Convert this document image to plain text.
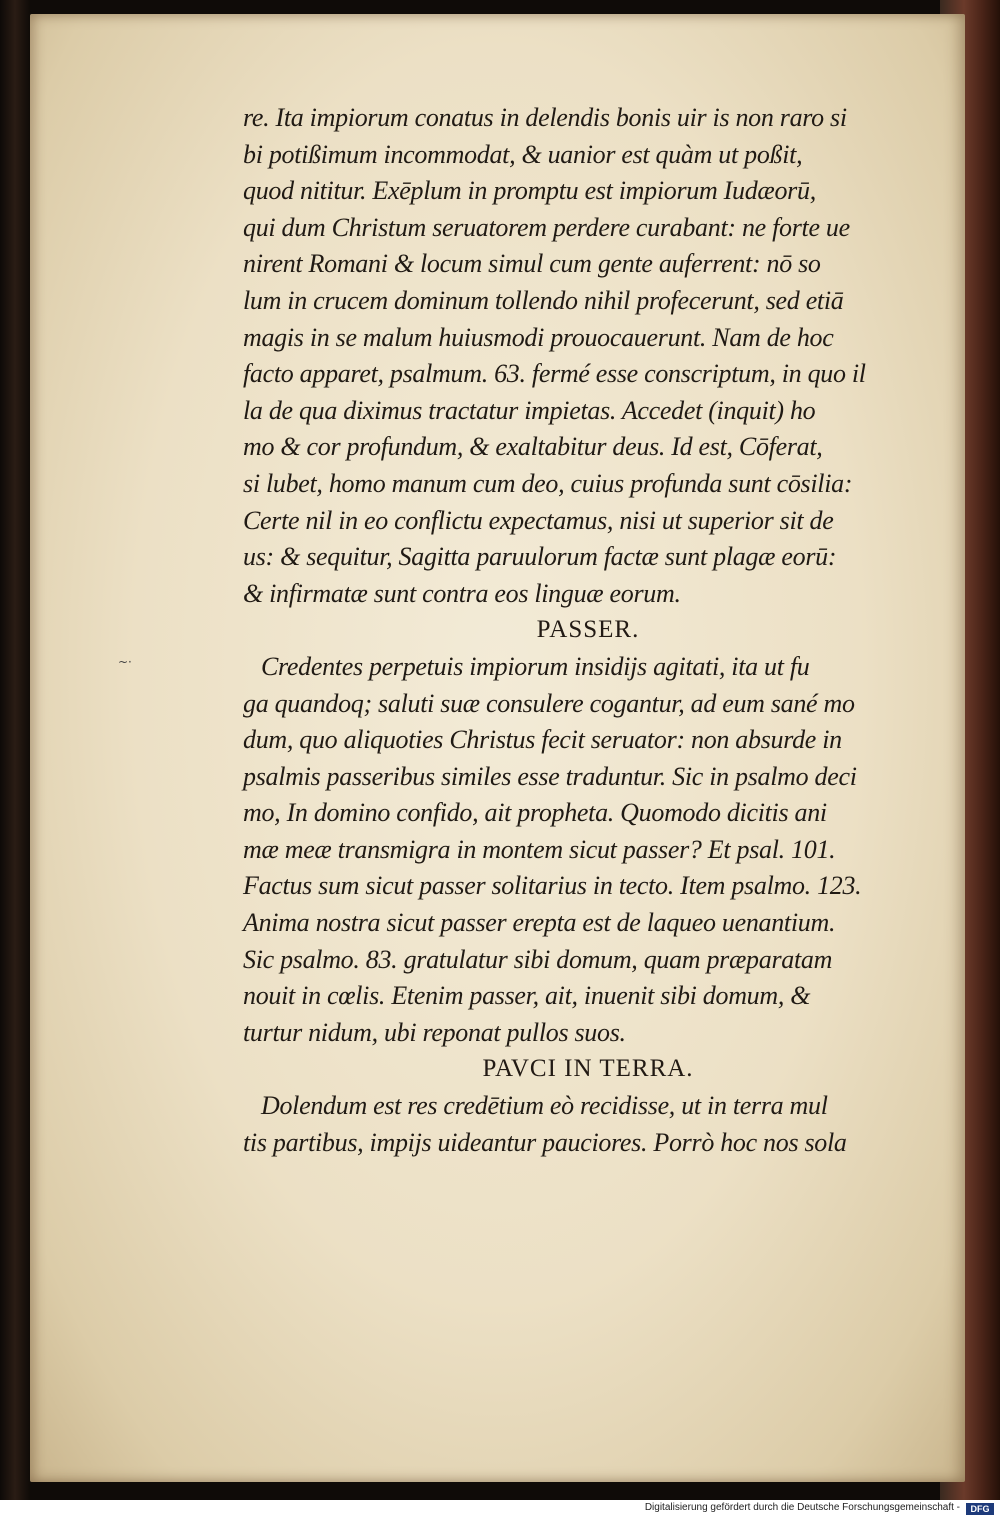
~·
re. Ita impiorum conatus in delendis bonis uir is non raro si
bi potißimum incommodat, & uanior est quàm ut poßit,
quod nititur. Exēplum in promptu est impiorum Iudæorū,
qui dum Christum seruatorem perdere curabant: ne forte ue
nirent Romani & locum simul cum gente auferrent: nō so
lum in crucem dominum tollendo nihil profecerunt, sed etiā
magis in se malum huiusmodi prouocauerunt. Nam de hoc
facto apparet, psalmum. 63. fermé esse conscriptum, in quo il
la de qua diximus tractatur impietas. Accedet (inquit) ho
mo & cor profundum, & exaltabitur deus. Id est, Cōferat,
si lubet, homo manum cum deo, cuius profunda sunt cōsilia:
Certe nil in eo conflictu expectamus, nisi ut superior sit de
us: & sequitur, Sagitta paruulorum factæ sunt plagæ eorū:
& infirmatæ sunt contra eos linguæ eorum.
PASSER.
Credentes perpetuis impiorum insidijs agitati, ita ut fu
ga quandoq; saluti suæ consulere cogantur, ad eum sané mo
dum, quo aliquoties Christus fecit seruator: non absurde in
psalmis passeribus similes esse traduntur. Sic in psalmo deci
mo, In domino confido, ait propheta. Quomodo dicitis ani
mæ meæ transmigra in montem sicut passer? Et psal. 101.
Factus sum sicut passer solitarius in tecto. Item psalmo. 123.
Anima nostra sicut passer erepta est de laqueo uenantium.
Sic psalmo. 83. gratulatur sibi domum, quam præparatam
nouit in cœlis. Etenim passer, ait, inuenit sibi domum, &
turtur nidum, ubi reponat pullos suos.
PAVCI IN TERRA.
Dolendum est res credētium eò recidisse, ut in terra mul
tis partibus, impijs uideantur pauciores. Porrò hoc nos sola
Digitalisierung gefördert durch die Deutsche Forschungsgemeinschaft -	DFG
